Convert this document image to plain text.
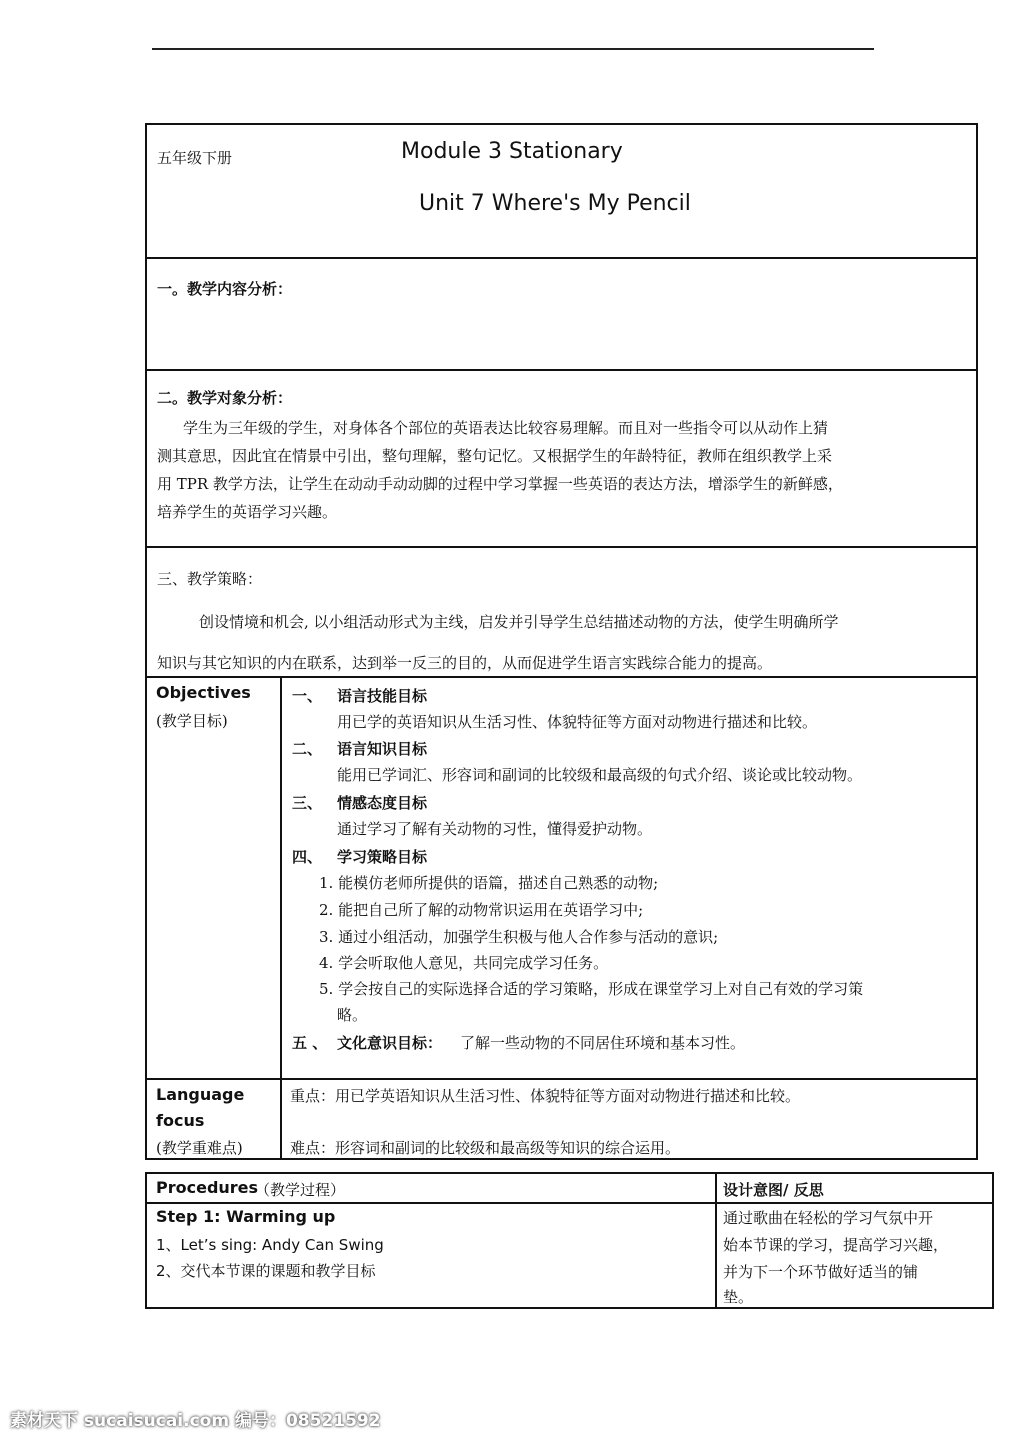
五年级下册	Module 3 Stationary
Unit 7 Where's My Pencil
一。教学内容分析：
二。教学对象分析：
学生为三年级的学生，对身体各个部位的英语表达比较容易理解。而且对一些指令可以从动作上猜
测其意思，因此宜在情景中引出，整句理解，整句记忆。又根据学生的年龄特征，教师在组织教学上采
用 TPR 教学方法，让学生在动动手动动脚的过程中学习掌握一些英语的表达方法，增添学生的新鲜感，
培养学生的英语学习兴趣。
三、教学策略：
创设情境和机会, 以小组活动形式为主线，启发并引导学生总结描述动物的方法，使学生明确所学
知识与其它知识的内在联系，达到举一反三的目的，从而促进学生语言实践综合能力的提高。
Objectives
(教学目标)
一、 语言技能目标
用已学的英语知识从生活习性、体貌特征等方面对动物进行描述和比较。
二、 语言知识目标
能用已学词汇、形容词和副词的比较级和最高级的句式介绍、谈论或比较动物。
三、 情感态度目标
通过学习了解有关动物的习性，懂得爱护动物。
四、 学习策略目标
1. 能模仿老师所提供的语篇，描述自己熟悉的动物;
2. 能把自己所了解的动物常识运用在英语学习中;
3. 通过小组活动，加强学生积极与他人合作参与活动的意识;
4. 学会听取他人意见，共同完成学习任务。
5. 学会按自己的实际选择合适的学习策略，形成在课堂学习上对自己有效的学习策
略。
五 、 文化意识目标： 了解一些动物的不同居住环境和基本习性。
Language
focus
(教学重难点)
重点：用已学英语知识从生活习性、体貌特征等方面对动物进行描述和比较。
难点：形容词和副词的比较级和最高级等知识的综合运用。
Procedures
（教学过程）	设计意图/ 反思
Step 1: Warming up
1、Let’s sing: Andy Can Swing
2、交代本节课的课题和教学目标
通过歌曲在轻松的学习气氛中开
始本节课的学习，提高学习兴趣，
并为下一个环节做好适当的铺
垫。
素材天下 sucaisucai.com 编号：08521592
